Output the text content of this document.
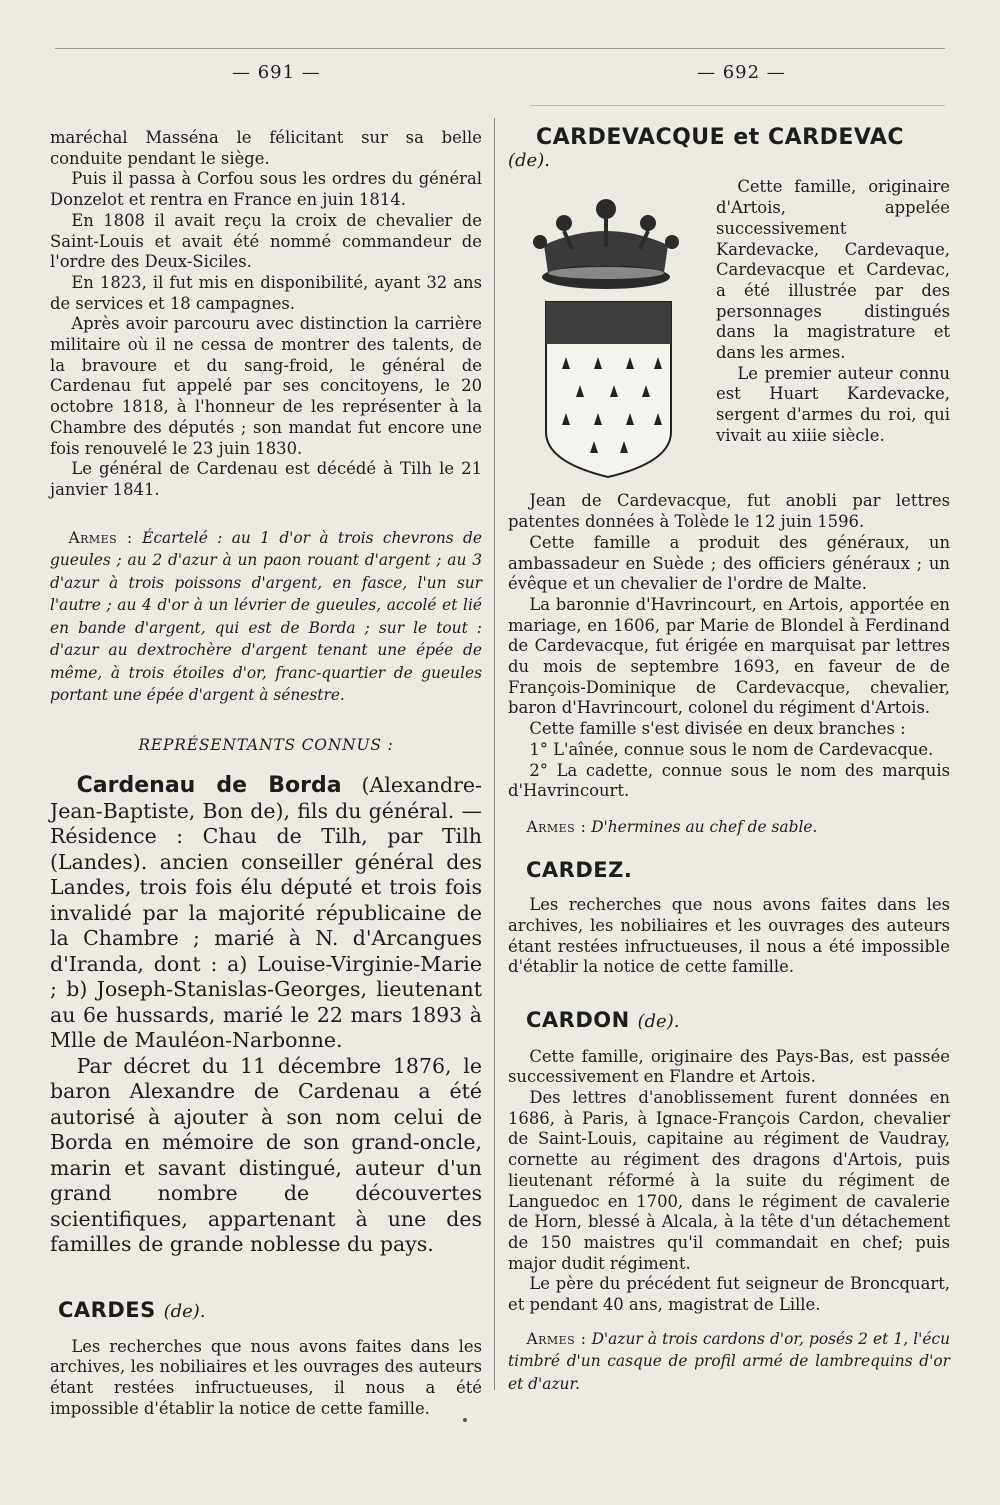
— 691 —	— 692 —

maréchal Masséna le félicitant sur sa belle conduite pendant le siège.

Puis il passa à Corfou sous les ordres du général Donzelot et rentra en France en juin 1814.

En 1808 il avait reçu la croix de chevalier de Saint-Louis et avait été nommé commandeur de l'ordre des Deux-Siciles.

En 1823, il fut mis en disponibilité, ayant 32 ans de services et 18 campagnes.

Après avoir parcouru avec distinction la carrière militaire où il ne cessa de montrer des talents, de la bravoure et du sang-froid, le général de Cardenau fut appelé par ses concitoyens, le 20 octobre 1818, à l'honneur de les représenter à la Chambre des députés ; son mandat fut encore une fois renouvelé le 23 juin 1830.

Le général de Cardenau est décédé à Tilh le 21 janvier 1841.

Armes : Écartelé : au 1 d'or à trois chevrons de gueules ; au 2 d'azur à un paon rouant d'argent ; au 3 d'azur à trois poissons d'argent, en fasce, l'un sur l'autre ; au 4 d'or à un lévrier de gueules, accolé et lié en bande d'argent, qui est de Borda ; sur le tout : d'azur au dextrochère d'argent tenant une épée de même, à trois étoiles d'or, franc-quartier de gueules portant une épée d'argent à sénestre.

REPRÉSENTANTS CONNUS :

Cardenau de Borda (Alexandre-Jean-Baptiste, Bon de), fils du général. — Résidence : Chau de Tilh, par Tilh (Landes). ancien conseiller général des Landes, trois fois élu député et trois fois invalidé par la majorité républicaine de la Chambre ; marié à N. d'Arcangues d'Iranda, dont : a) Louise-Virginie-Marie ; b) Joseph-Stanislas-Georges, lieutenant au 6e hussards, marié le 22 mars 1893 à Mlle de Mauléon-Narbonne.

Par décret du 11 décembre 1876, le baron Alexandre de Cardenau a été autorisé à ajouter à son nom celui de Borda en mémoire de son grand-oncle, marin et savant distingué, auteur d'un grand nombre de découvertes scientifiques, appartenant à une des familles de grande noblesse du pays.

CARDES (de).

Les recherches que nous avons faites dans les archives, les nobiliaires et les ouvrages des auteurs étant restées infructueuses, il nous a été impossible d'établir la notice de cette famille.

CARDEVACQUE et CARDEVAC

(de).

Cette famille, originaire d'Artois, appelée successivement Kardevacke, Cardevaque, Cardevacque et Cardevac, a été illustrée par des personnages distingués dans la magistrature et dans les armes.

Le premier auteur connu est Huart Kardevacke, sergent d'armes du roi, qui vivait au xiiie siècle.

Jean de Cardevacque, fut anobli par lettres patentes données à Tolède le 12 juin 1596.

Cette famille a produit des généraux, un ambassadeur en Suède ; des officiers généraux ; un évêque et un chevalier de l'ordre de Malte.

La baronnie d'Havrincourt, en Artois, apportée en mariage, en 1606, par Marie de Blondel à Ferdinand de Cardevacque, fut érigée en marquisat par lettres du mois de septembre 1693, en faveur de de François-Dominique de Cardevacque, chevalier, baron d'Havrincourt, colonel du régiment d'Artois.

Cette famille s'est divisée en deux branches :

1° L'aînée, connue sous le nom de Cardevacque.

2° La cadette, connue sous le nom des marquis d'Havrincourt.

Armes : D'hermines au chef de sable.

CARDEZ.

Les recherches que nous avons faites dans les archives, les nobiliaires et les ouvrages des auteurs étant restées infructueuses, il nous a été impossible d'établir la notice de cette famille.

CARDON (de).

Cette famille, originaire des Pays-Bas, est passée successivement en Flandre et Artois.

Des lettres d'anoblissement furent données en 1686, à Paris, à Ignace-François Cardon, chevalier de Saint-Louis, capitaine au régiment de Vaudray, cornette au régiment des dragons d'Artois, puis lieutenant réformé à la suite du régiment de Languedoc en 1700, dans le régiment de cavalerie de Horn, blessé à Alcala, à la tête d'un détachement de 150 maistres qu'il commandait en chef; puis major dudit régiment.

Le père du précédent fut seigneur de Broncquart, et pendant 40 ans, magistrat de Lille.

Armes : D'azur à trois cardons d'or, posés 2 et 1, l'écu timbré d'un casque de profil armé de lambrequins d'or et d'azur.
